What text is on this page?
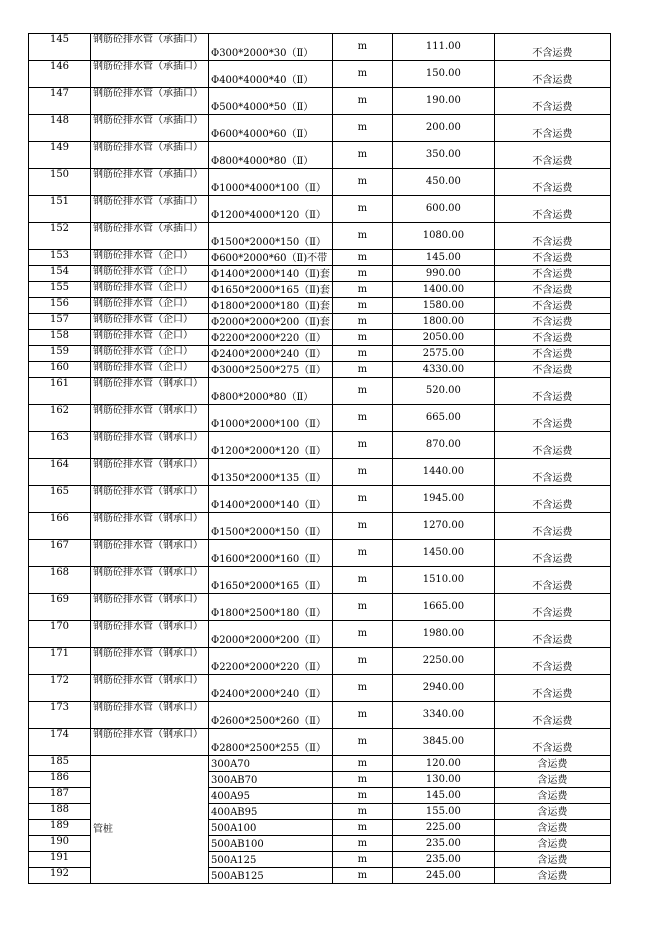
145	钢筋砼排水管（承插口）	Φ300*2000*30（Ⅱ）	m	111.00	不含运费
146	钢筋砼排水管（承插口）	Φ400*4000*40（Ⅱ）	m	150.00	不含运费
147	钢筋砼排水管（承插口）	Φ500*4000*50（Ⅱ）	m	190.00	不含运费
148	钢筋砼排水管（承插口）	Φ600*4000*60（Ⅱ）	m	200.00	不含运费
149	钢筋砼排水管（承插口）	Φ800*4000*80（Ⅱ）	m	350.00	不含运费
150	钢筋砼排水管（承插口）	Φ1000*4000*100（Ⅱ）	m	450.00	不含运费
151	钢筋砼排水管（承插口）	Φ1200*4000*120（Ⅱ）	m	600.00	不含运费
152	钢筋砼排水管（承插口）	Φ1500*2000*150（Ⅱ）	m	1080.00	不含运费
153	钢筋砼排水管（企口）	Φ600*2000*60（Ⅱ)不带	m	145.00	不含运费
154	钢筋砼排水管（企口）	Φ1400*2000*140（Ⅱ)套	m	990.00	不含运费
155	钢筋砼排水管（企口）	Φ1650*2000*165（Ⅱ)套	m	1400.00	不含运费
156	钢筋砼排水管（企口）	Φ1800*2000*180（Ⅱ)套	m	1580.00	不含运费
157	钢筋砼排水管（企口）	Φ2000*2000*200（Ⅱ)套	m	1800.00	不含运费
158	钢筋砼排水管（企口）	Φ2200*2000*220（Ⅱ）	m	2050.00	不含运费
159	钢筋砼排水管（企口）	Φ2400*2000*240（Ⅱ）	m	2575.00	不含运费
160	钢筋砼排水管（企口）	Φ3000*2500*275（Ⅱ）	m	4330.00	不含运费
161	钢筋砼排水管（钢承口）	Φ800*2000*80（Ⅱ）	m	520.00	不含运费
162	钢筋砼排水管（钢承口）	Φ1000*2000*100（Ⅱ）	m	665.00	不含运费
163	钢筋砼排水管（钢承口）	Φ1200*2000*120（Ⅱ）	m	870.00	不含运费
164	钢筋砼排水管（钢承口）	Φ1350*2000*135（Ⅱ）	m	1440.00	不含运费
165	钢筋砼排水管（钢承口）	Φ1400*2000*140（Ⅱ）	m	1945.00	不含运费
166	钢筋砼排水管（钢承口）	Φ1500*2000*150（Ⅱ）	m	1270.00	不含运费
167	钢筋砼排水管（钢承口）	Φ1600*2000*160（Ⅱ）	m	1450.00	不含运费
168	钢筋砼排水管（钢承口）	Φ1650*2000*165（Ⅱ）	m	1510.00	不含运费
169	钢筋砼排水管（钢承口）	Φ1800*2500*180（Ⅱ）	m	1665.00	不含运费
170	钢筋砼排水管（钢承口）	Φ2000*2000*200（Ⅱ）	m	1980.00	不含运费
171	钢筋砼排水管（钢承口）	Φ2200*2000*220（Ⅱ）	m	2250.00	不含运费
172	钢筋砼排水管（钢承口）	Φ2400*2000*240（Ⅱ）	m	2940.00	不含运费
173	钢筋砼排水管（钢承口）	Φ2600*2500*260（Ⅱ）	m	3340.00	不含运费
174	钢筋砼排水管（钢承口）	Φ2800*2500*255（Ⅱ）	m	3845.00	不含运费
185	管桩	300A70	m	120.00	含运费
186		300AB70	m	130.00	含运费
187		400A95	m	145.00	含运费
188		400AB95	m	155.00	含运费
189		500A100	m	225.00	含运费
190		500AB100	m	235.00	含运费
191		500A125	m	235.00	含运费
192		500AB125	m	245.00	含运费
